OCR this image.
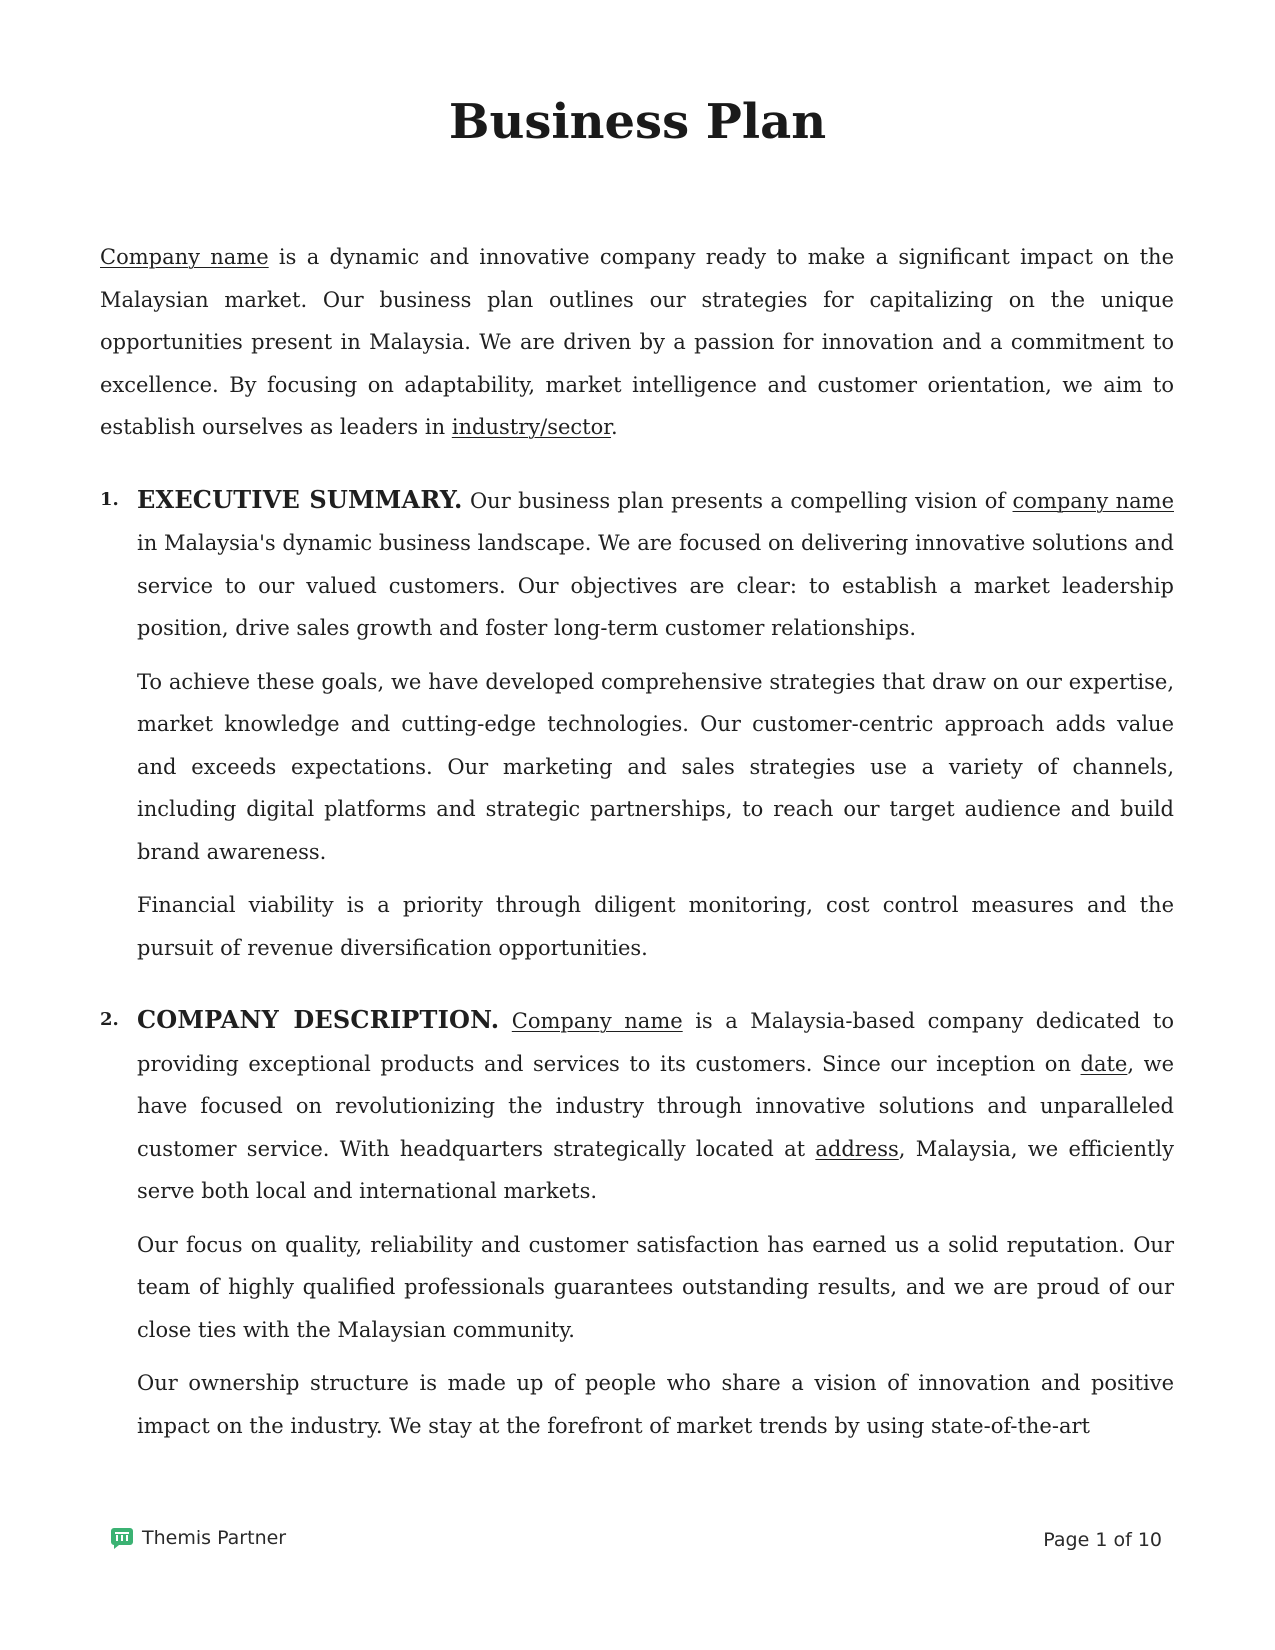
Business Plan

Company name is a dynamic and innovative company ready to make a significant impact on the Malaysian market. Our business plan outlines our strategies for capitalizing on the unique opportunities present in Malaysia. We are driven by a passion for innovation and a commitment to excellence. By focusing on adaptability, market intelligence and customer orientation, we aim to establish ourselves as leaders in industry/sector.

1. EXECUTIVE SUMMARY. Our business plan presents a compelling vision of company name in Malaysia's dynamic business landscape. We are focused on delivering innovative solutions and service to our valued customers. Our objectives are clear: to establish a market leadership position, drive sales growth and foster long-term customer relationships.

To achieve these goals, we have developed comprehensive strategies that draw on our expertise, market knowledge and cutting-edge technologies. Our customer-centric approach adds value and exceeds expectations. Our marketing and sales strategies use a variety of channels, including digital platforms and strategic partnerships, to reach our target audience and build brand awareness.

Financial viability is a priority through diligent monitoring, cost control measures and the pursuit of revenue diversification opportunities.

2. COMPANY DESCRIPTION. Company name is a Malaysia-based company dedicated to providing exceptional products and services to its customers. Since our inception on date, we have focused on revolutionizing the industry through innovative solutions and unparalleled customer service. With headquarters strategically located at address, Malaysia, we efficiently serve both local and international markets.

Our focus on quality, reliability and customer satisfaction has earned us a solid reputation. Our team of highly qualified professionals guarantees outstanding results, and we are proud of our close ties with the Malaysian community.

Our ownership structure is made up of people who share a vision of innovation and positive impact on the industry. We stay at the forefront of market trends by using state-of-the-art

Themis Partner	Page 1 of 10
